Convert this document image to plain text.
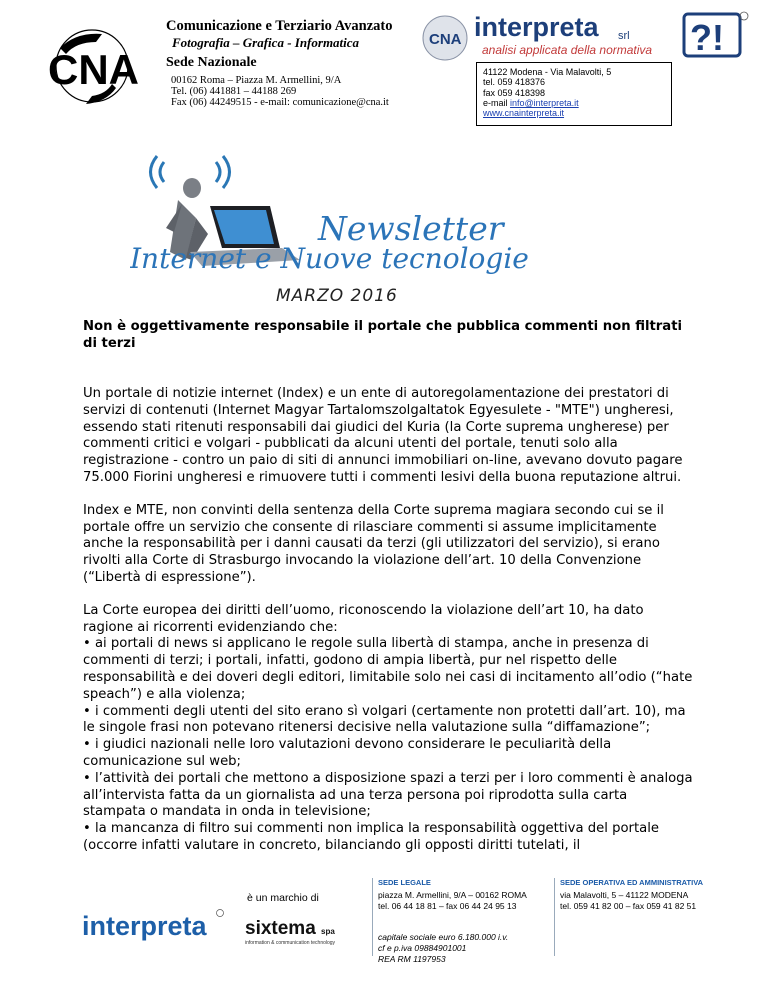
CNA
Comunicazione e Terziario Avanzato
Fotografia – Grafica - Informatica
Sede Nazionale
00162 Roma – Piazza M. Armellini, 9/A
Tel. (06) 441881 – 44188 269
Fax (06) 44249515 - e-mail: comunicazione@cna.it
CNA interpreta srl
analisi applicata della normativa ?!
41122 Modena - Via Malavolti, 5
tel. 059 418376
fax 059 418398
e-mail info@interpreta.it
www.cnainterpreta.it
Newsletter
Internet e Nuove tecnologie
MARZO 2016

Non è oggettivamente responsabile il portale che pubblica commenti non filtrati di terzi

Un portale di notizie internet (Index) e un ente di autoregolamentazione dei prestatori di servizi di contenuti (Internet Magyar Tartalomszolgaltatok Egyesulete - "MTE") ungheresi, essendo stati ritenuti responsabili dai giudici del Kuria (la Corte suprema ungherese) per commenti critici e volgari - pubblicati da alcuni utenti del portale, tenuti solo alla registrazione - contro un paio di siti di annunci immobiliari on-line, avevano dovuto pagare 75.000 Fiorini ungheresi e rimuovere tutti i commenti lesivi della buona reputazione altrui.

Index e MTE, non convinti della sentenza della Corte suprema magiara secondo cui se il portale offre un servizio che consente di rilasciare commenti si assume implicitamente anche la responsabilità per i danni causati da terzi (gli utilizzatori del servizio), si erano rivolti alla Corte di Strasburgo invocando la violazione dell’art. 10 della Convenzione (“Libertà di espressione”).

La Corte europea dei diritti dell’uomo, riconoscendo la violazione dell’art 10, ha dato ragione ai ricorrenti evidenziando che:

• ai portali di news si applicano le regole sulla libertà di stampa, anche in presenza di commenti di terzi; i portali, infatti, godono di ampia libertà, pur nel rispetto delle responsabilità e dei doveri degli editori, limitabile solo nei casi di incitamento all’odio (“hate speach”) e alla violenza;

• i commenti degli utenti del sito erano sì volgari (certamente non protetti dall’art. 10), ma le singole frasi non potevano ritenersi decisive nella valutazione sulla “diffamazione”;

• i giudici nazionali nelle loro valutazioni devono considerare le peculiarità della comunicazione sul web;

• l’attività dei portali che mettono a disposizione spazi a terzi per i loro commenti è analoga all’intervista fatta da un giornalista ad una terza persona poi riprodotta sulla carta stampata o mandata in onda in televisione;

• la mancanza di filtro sui commenti non implica la responsabilità oggettiva del portale (occorre infatti valutare in concreto, bilanciando gli opposti diritti tutelati, il

è un marchio di
interpreta sixtema spa
information & communication technology
SEDE LEGALE
piazza M. Armellini, 9/A – 00162 ROMA
tel. 06 44 18 81 – fax 06 44 24 95 13
capitale sociale euro 6.180.000 i.v.
cf e p.iva 09884901001
REA RM 1197953
SEDE OPERATIVA ED AMMINISTRATIVA
via Malavolti, 5 – 41122 MODENA
tel. 059 41 82 00 – fax 059 41 82 51
